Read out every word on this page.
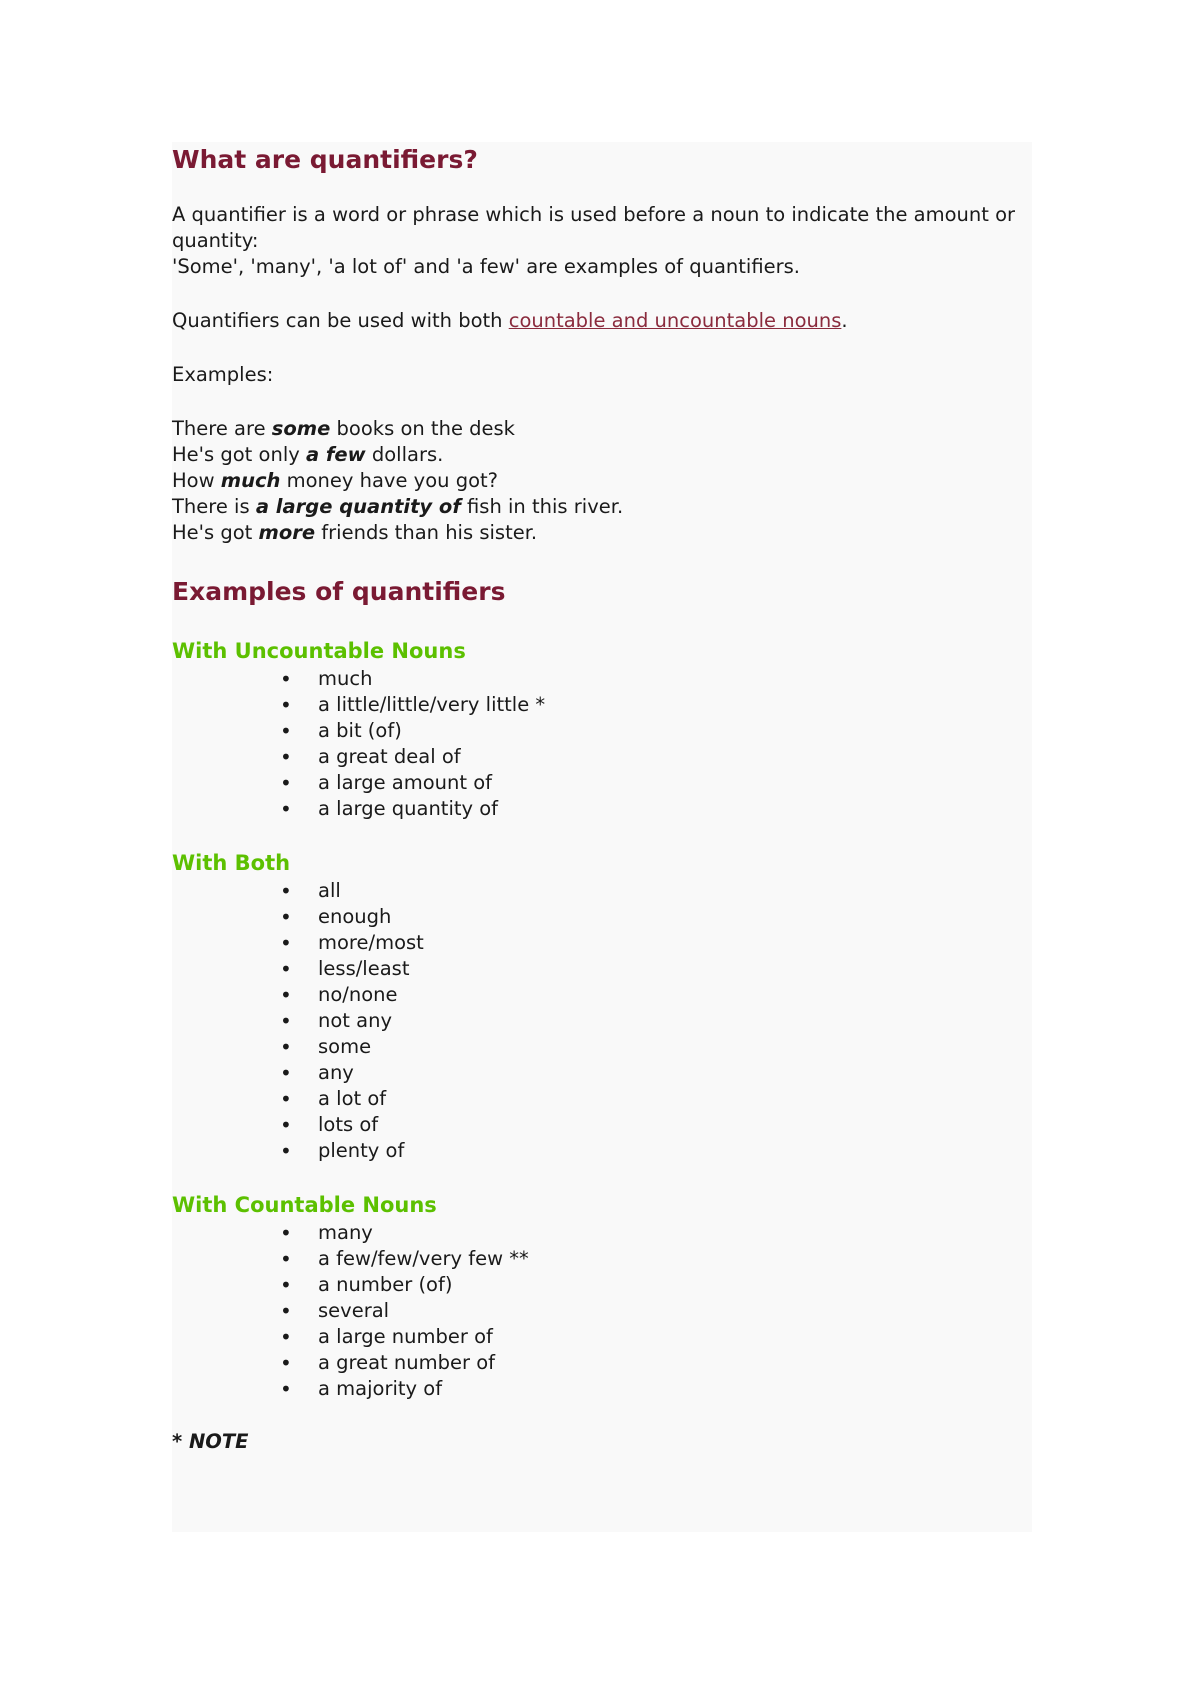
What are quantifiers?

A quantifier is a word or phrase which is used before a noun to indicate the amount or quantity:

'Some', 'many', 'a lot of' and 'a few' are examples of quantifiers.

Quantifiers can be used with both countable and uncountable nouns.

Examples:

There are some books on the desk

He's got only a few dollars.

How much money have you got?

There is a large quantity of fish in this river.

He's got more friends than his sister.

Examples of quantifiers
With Uncountable Nouns
• much
• a little/little/very little *
• a bit (of)
• a great deal of
• a large amount of
• a large quantity of
With Both
• all
• enough
• more/most
• less/least
• no/none
• not any
• some
• any
• a lot of
• lots of
• plenty of
With Countable Nouns
• many
• a few/few/very few **
• a number (of)
• several
• a large number of
• a great number of
• a majority of

* NOTE
